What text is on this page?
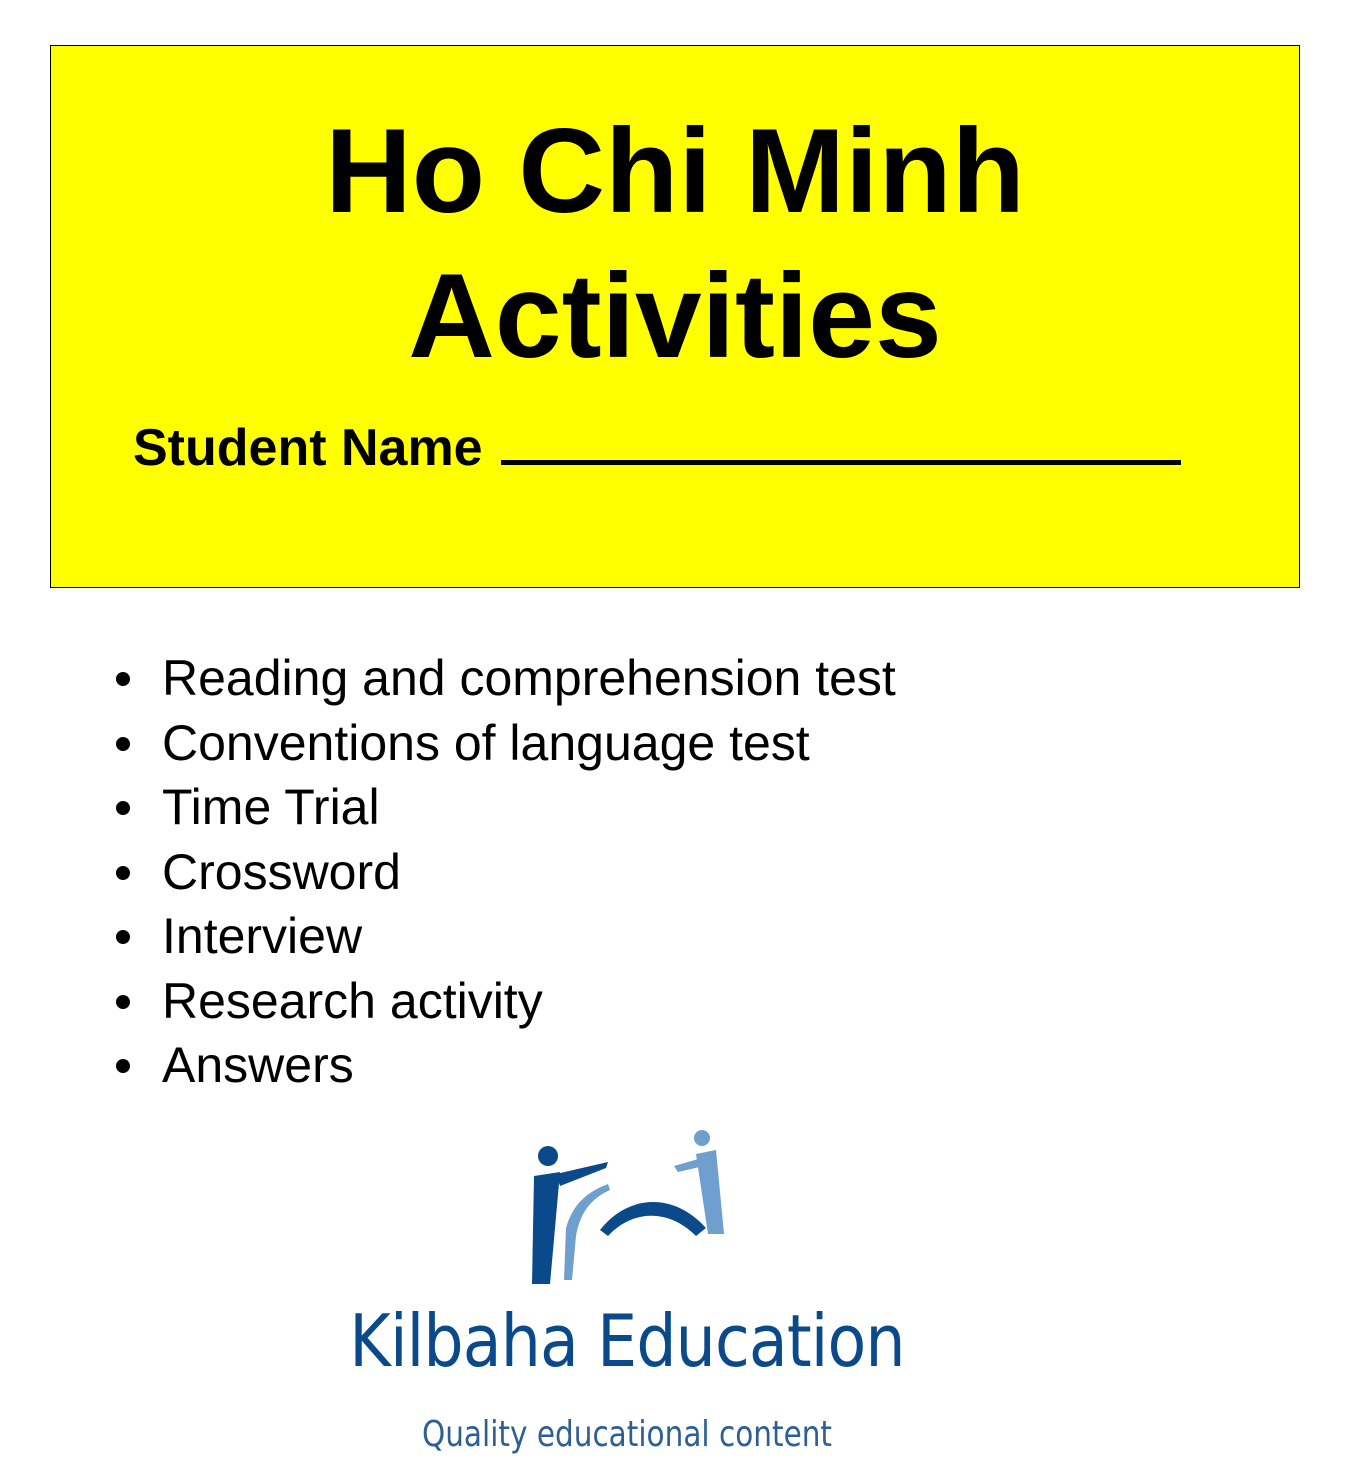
Ho Chi Minh
Activities
Student Name
Reading and comprehension test
Conventions of language test
Time Trial
Crossword
Interview
Research activity
Answers
Kilbaha Education
Quality educational content
